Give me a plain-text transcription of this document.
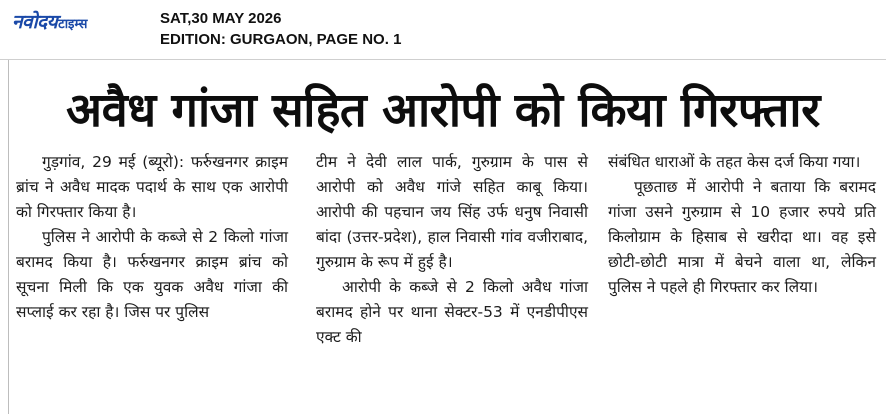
नवोदय टाइम्स	SAT,30 MAY 2026
EDITION: GURGAON, PAGE NO. 1
अवैध गांजा सहित आरोपी को किया गिरफ्तार

गुड़गांव, 29 मई (ब्यूरो): फर्रुखनगर क्राइम ब्रांच ने अवैध मादक पदार्थ के साथ एक आरोपी को गिरफ्तार किया है।

पुलिस ने आरोपी के कब्जे से 2 किलो गांजा बरामद किया है। फर्रुखनगर क्राइम ब्रांच को सूचना मिली कि एक युवक अवैध गांजा की सप्लाई कर रहा है। जिस पर पुलिस

टीम ने देवी लाल पार्क, गुरुग्राम के पास से आरोपी को अवैध गांजे सहित काबू किया। आरोपी की पहचान जय सिंह उर्फ धनुष निवासी बांदा (उत्तर-प्रदेश), हाल निवासी गांव वजीराबाद, गुरुग्राम के रूप में हुई है।

आरोपी के कब्जे से 2 किलो अवैध गांजा बरामद होने पर थाना सेक्टर-53 में एनडीपीएस एक्ट की

संबंधित धाराओं के तहत केस दर्ज किया गया।

पूछताछ में आरोपी ने बताया कि बरामद गांजा उसने गुरुग्राम से 10 हजार रुपये प्रति किलोग्राम के हिसाब से खरीदा था। वह इसे छोटी-छोटी मात्रा में बेचने वाला था, लेकिन पुलिस ने पहले ही गिरफ्तार कर लिया।
